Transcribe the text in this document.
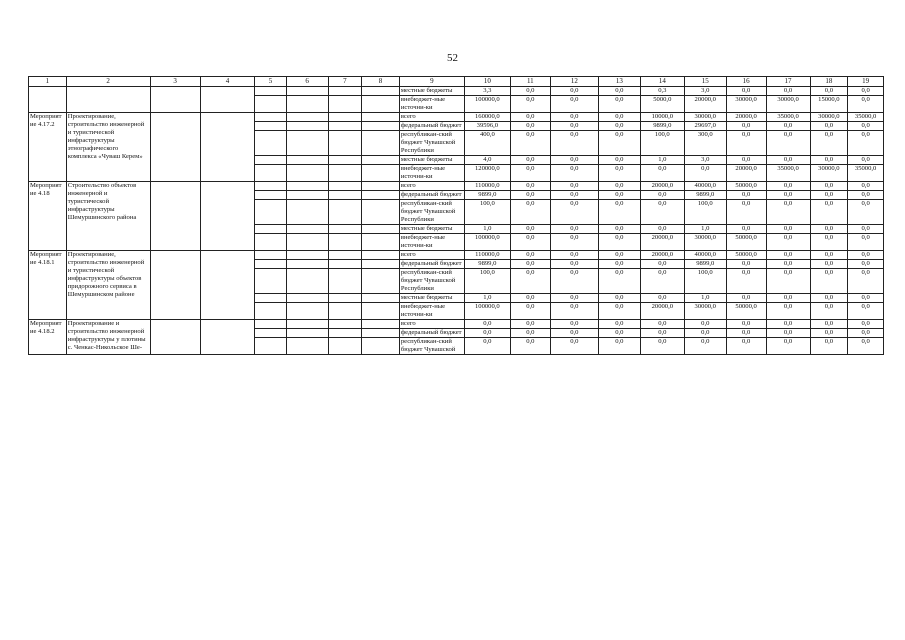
52
1	2	3	4	5	6	7	8	9	10	11	12	13	14	15	16	17	18	19
								местные бюджеты	3,3	0,0	0,0	0,0	0,3	3,0	0,0	0,0	0,0	0,0
								внебюджет-ные источни-ки	100000,0	0,0	0,0	0,0	5000,0	20000,0	30000,0	30000,0	15000,0	0,0
Мероприятие 4.17.2	Проектирование, строительство инженерной и туристической инфраструктуры этнографического комплекса «Чуваш Керем»							всего	160000,0	0,0	0,0	0,0	10000,0	30000,0	20000,0	35000,0	30000,0	35000,0
								федеральный бюджет	39596,0	0,0	0,0	0,0	9899,0	29697,0	0,0	0,0	0,0	0,0
								республикан-ский бюджет Чувашской Республики	400,0	0,0	0,0	0,0	100,0	300,0	0,0	0,0	0,0	0,0
								местные бюджеты	4,0	0,0	0,0	0,0	1,0	3,0	0,0	0,0	0,0	0,0
								внебюджет-ные источни-ки	120000,0	0,0	0,0	0,0	0,0	0,0	20000,0	35000,0	30000,0	35000,0
Мероприятие 4.18	Строительство объектов инженерной и туристической инфраструктуры Шемуршинского района							всего	110000,0	0,0	0,0	0,0	20000,0	40000,0	50000,0	0,0	0,0	0,0
								федеральный бюджет	9899,0	0,0	0,0	0,0	0,0	9899,0	0,0	0,0	0,0	0,0
								республикан-ский бюджет Чувашской Республики	100,0	0,0	0,0	0,0	0,0	100,0	0,0	0,0	0,0	0,0
								местные бюджеты	1,0	0,0	0,0	0,0	0,0	1,0	0,0	0,0	0,0	0,0
								внебюджет-ные источни-ки	100000,0	0,0	0,0	0,0	20000,0	30000,0	50000,0	0,0	0,0	0,0
Мероприятие 4.18.1	Проектирование, строительство инженерной и туристической инфраструктуры объектов придорожного сервиса в Шемуршинском районе							всего	110000,0	0,0	0,0	0,0	20000,0	40000,0	50000,0	0,0	0,0	0,0
								федеральный бюджет	9899,0	0,0	0,0	0,0	0,0	9899,0	0,0	0,0	0,0	0,0
								республикан-ский бюджет Чувашской Республики	100,0	0,0	0,0	0,0	0,0	100,0	0,0	0,0	0,0	0,0
								местные бюджеты	1,0	0,0	0,0	0,0	0,0	1,0	0,0	0,0	0,0	0,0
								внебюджет-ные источни-ки	100000,0	0,0	0,0	0,0	20000,0	30000,0	50000,0	0,0	0,0	0,0
Мероприятие 4.18.2	Проектирование и строительство инженерной инфраструктуры у плотины с. Ченкас-Никольское Ше-							всего	0,0	0,0	0,0	0,0	0,0	0,0	0,0	0,0	0,0	0,0
								федеральный бюджет	0,0	0,0	0,0	0,0	0,0	0,0	0,0	0,0	0,0	0,0
								республикан-ский бюджет Чувашской	0,0	0,0	0,0	0,0	0,0	0,0	0,0	0,0	0,0	0,0
